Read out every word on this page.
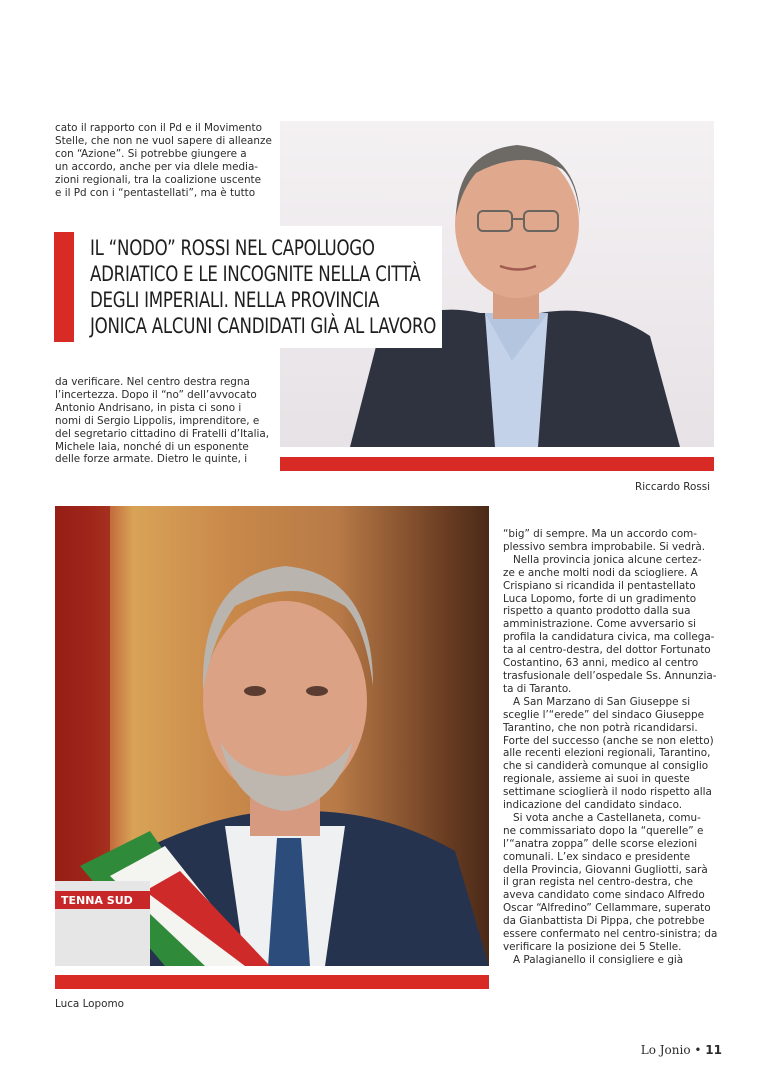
cato il rapporto con il Pd e il Movimento

Stelle, che non ne vuol sapere di alleanze

con “Azione”. Si potrebbe giungere a

un accordo, anche per via dlele media-

zioni regionali, tra la coalizione uscente

e il Pd con i “pentastellati”, ma è tutto

Riccardo Rossi

IL “NODO” ROSSI NEL CAPOLUOGO
ADRIATICO E LE INCOGNITE NELLA CITTÀ
DEGLI IMPERIALI. NELLA PROVINCIA
JONICA ALCUNI CANDIDATI GIÀ AL LAVORO

da verificare. Nel centro destra regna

l’incertezza. Dopo il “no” dell’avvocato

Antonio Andrisano, in pista ci sono i

nomi di Sergio Lippolis, imprenditore, e

del segretario cittadino di Fratelli d’Italia,

Michele laia, nonché di un esponente

delle forze armate. Dietro le quinte, i

TENNA SUD

Luca Lopomo

“big” di sempre. Ma un accordo com-

plessivo sembra improbabile. Si vedrà.

Nella provincia jonica alcune certez-

ze e anche molti nodi da sciogliere. A

Crispiano si ricandida il pentastellato

Luca Lopomo, forte di un gradimento

rispetto a quanto prodotto dalla sua

amministrazione. Come avversario si

profila la candidatura civica, ma collega-

ta al centro-destra, del dottor Fortunato

Costantino, 63 anni, medico al centro

trasfusionale dell’ospedale Ss. Annunzia-

ta di Taranto.

A San Marzano di San Giuseppe si

sceglie l’“erede” del sindaco Giuseppe

Tarantino, che non potrà ricandidarsi.

Forte del successo (anche se non eletto)

alle recenti elezioni regionali, Tarantino,

che si candiderà comunque al consiglio

regionale, assieme ai suoi in queste

settimane scioglierà il nodo rispetto alla

indicazione del candidato sindaco.

Si vota anche a Castellaneta, comu-

ne commissariato dopo la “querelle” e

l’“anatra zoppa” delle scorse elezioni

comunali. L’ex sindaco e presidente

della Provincia, Giovanni Gugliotti, sarà

il gran regista nel centro-destra, che

aveva candidato come sindaco Alfredo

Oscar “Alfredino” Cellammare, superato

da Gianbattista Di Pippa, che potrebbe

essere confermato nel centro-sinistra; da

verificare la posizione dei 5 Stelle.

A Palagianello il consigliere e già

Lo Jonio • 11
